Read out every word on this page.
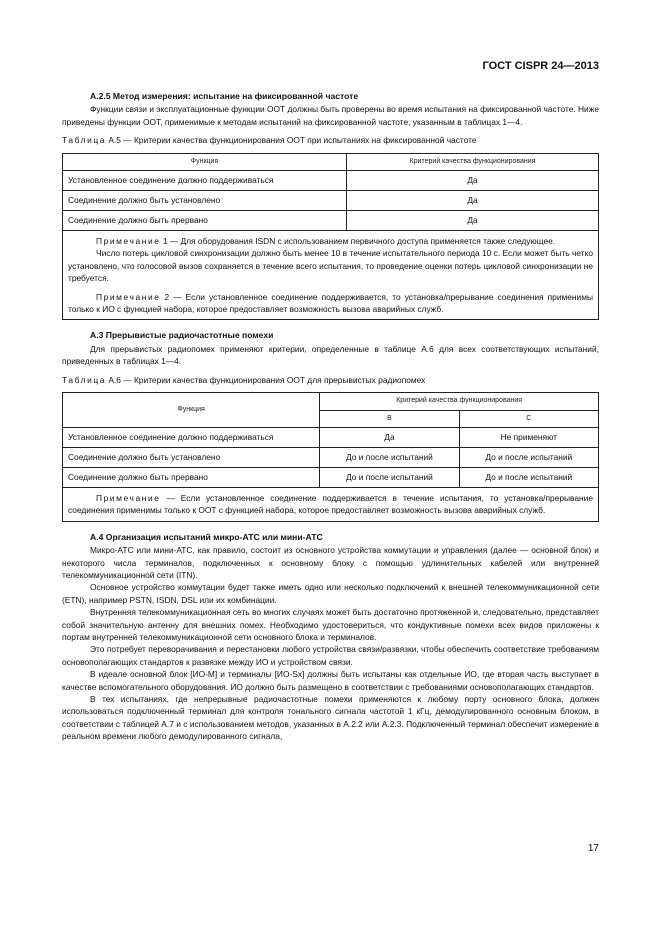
ГОСТ CISPR 24—2013
А.2.5 Метод измерения: испытание на фиксированной частоте

Функции связи и эксплуатационные функции ООТ должны быть проверены во время испытания на фиксированной частоте. Ниже приведены функции ООТ, применимые к методам испытаний на фиксированной частоте, указанным в таблицах 1—4.

Таблица А.5 — Критерии качества функционирования ООТ при испытаниях на фиксированной частоте
Функция	Критерий качества функционирования
Установленное соединение должно поддерживаться	Да
Соединение должно быть установлено	Да
Соединение должно быть прервано	Да

Примечание 1 — Для оборудования ISDN с использованием первичного доступа применяется также следующее.

Число потерь цикловой синхронизации должно быть менее 10 в течение испытательного периода 10 с. Если может быть четко установлено, что голосовой вызов сохраняется в течение всего испытания, то проведение оценки потерь цикловой синхронизации не требуется.

Примечание 2 — Если установленное соединение поддерживается, то установка/прерывание соединения применимы только к ИО с функцией набора, которое предоставляет возможность вызова аварийных служб.	

А.3 Прерывистые радиочастотные помехи

Для прерывистых радиопомех применяют критерии, определенные в таблице А.6 для всех соответствующих испытаний, приведенных в таблицах 1—4.

Таблица А.6 — Критерии качества функционирования ООТ для прерывистых радиопомех
Функция	Критерий качества функционирования	
	B	C
Установленное соединение должно поддерживаться	Да	Не применяют
Соединение должно быть установлено	До и после испытаний	До и после испытаний
Соединение должно быть прервано	До и после испытаний	До и после испытаний

Примечание — Если установленное соединение поддерживается в течение испытания, то установка/прерывание соединения применимы только к ООТ с функцией набора, которое предоставляет возможность вызова аварийных служб.		

А.4 Организация испытаний микро-АТС или мини-АТС

Микро-АТС или мини-АТС, как правило, состоит из основного устройства коммутации и управления (далее — основной блок) и некоторого числа терминалов, подключенных к основному блоку с помощью удлинительных кабелей или внутренней телекоммуникационной сети (ITN).

Основное устройство коммутации будет также иметь одно или несколько подключений к внешней телекоммуникационной сети (ETN), например PSTN, ISDN, DSL или их комбинации.

Внутренняя телекоммуникационная сеть во многих случаях может быть достаточно протяженной и, следовательно, представляет собой значительную антенну для внешних помех. Необходимо удостовериться, что кондуктивные помехи всех видов приложены к портам внутренней телекоммуникационной сети основного блока и терминалов.

Это потребует переворачивания и перестановки любого устройства связи/развязки, чтобы обеспечить соответствие требованиям основополагающих стандартов к развязке между ИО и устройством связи.

В идеале основной блок [ИО-М] и терминалы [ИО-Sx] должны быть испытаны как отдельные ИО, где вторая часть выступает в качестве вспомогательного оборудования. ИО должно быть размещено в соответствии с требованиями основополагающих стандартов.

В тех испытаниях, где непрерывные радиочастотные помехи применяются к любому порту основного блока, должен использоваться подключенный терминал для контроля тонального сигнала частотой 1 кГц, демодулированного основным блоком, в соответствии с таблицей А.7 и с использованием методов, указанных в А.2.2 или А.2.3. Подключенный терминал обеспечит измерение в реальном времени любого демодулированного сигнала,

17
